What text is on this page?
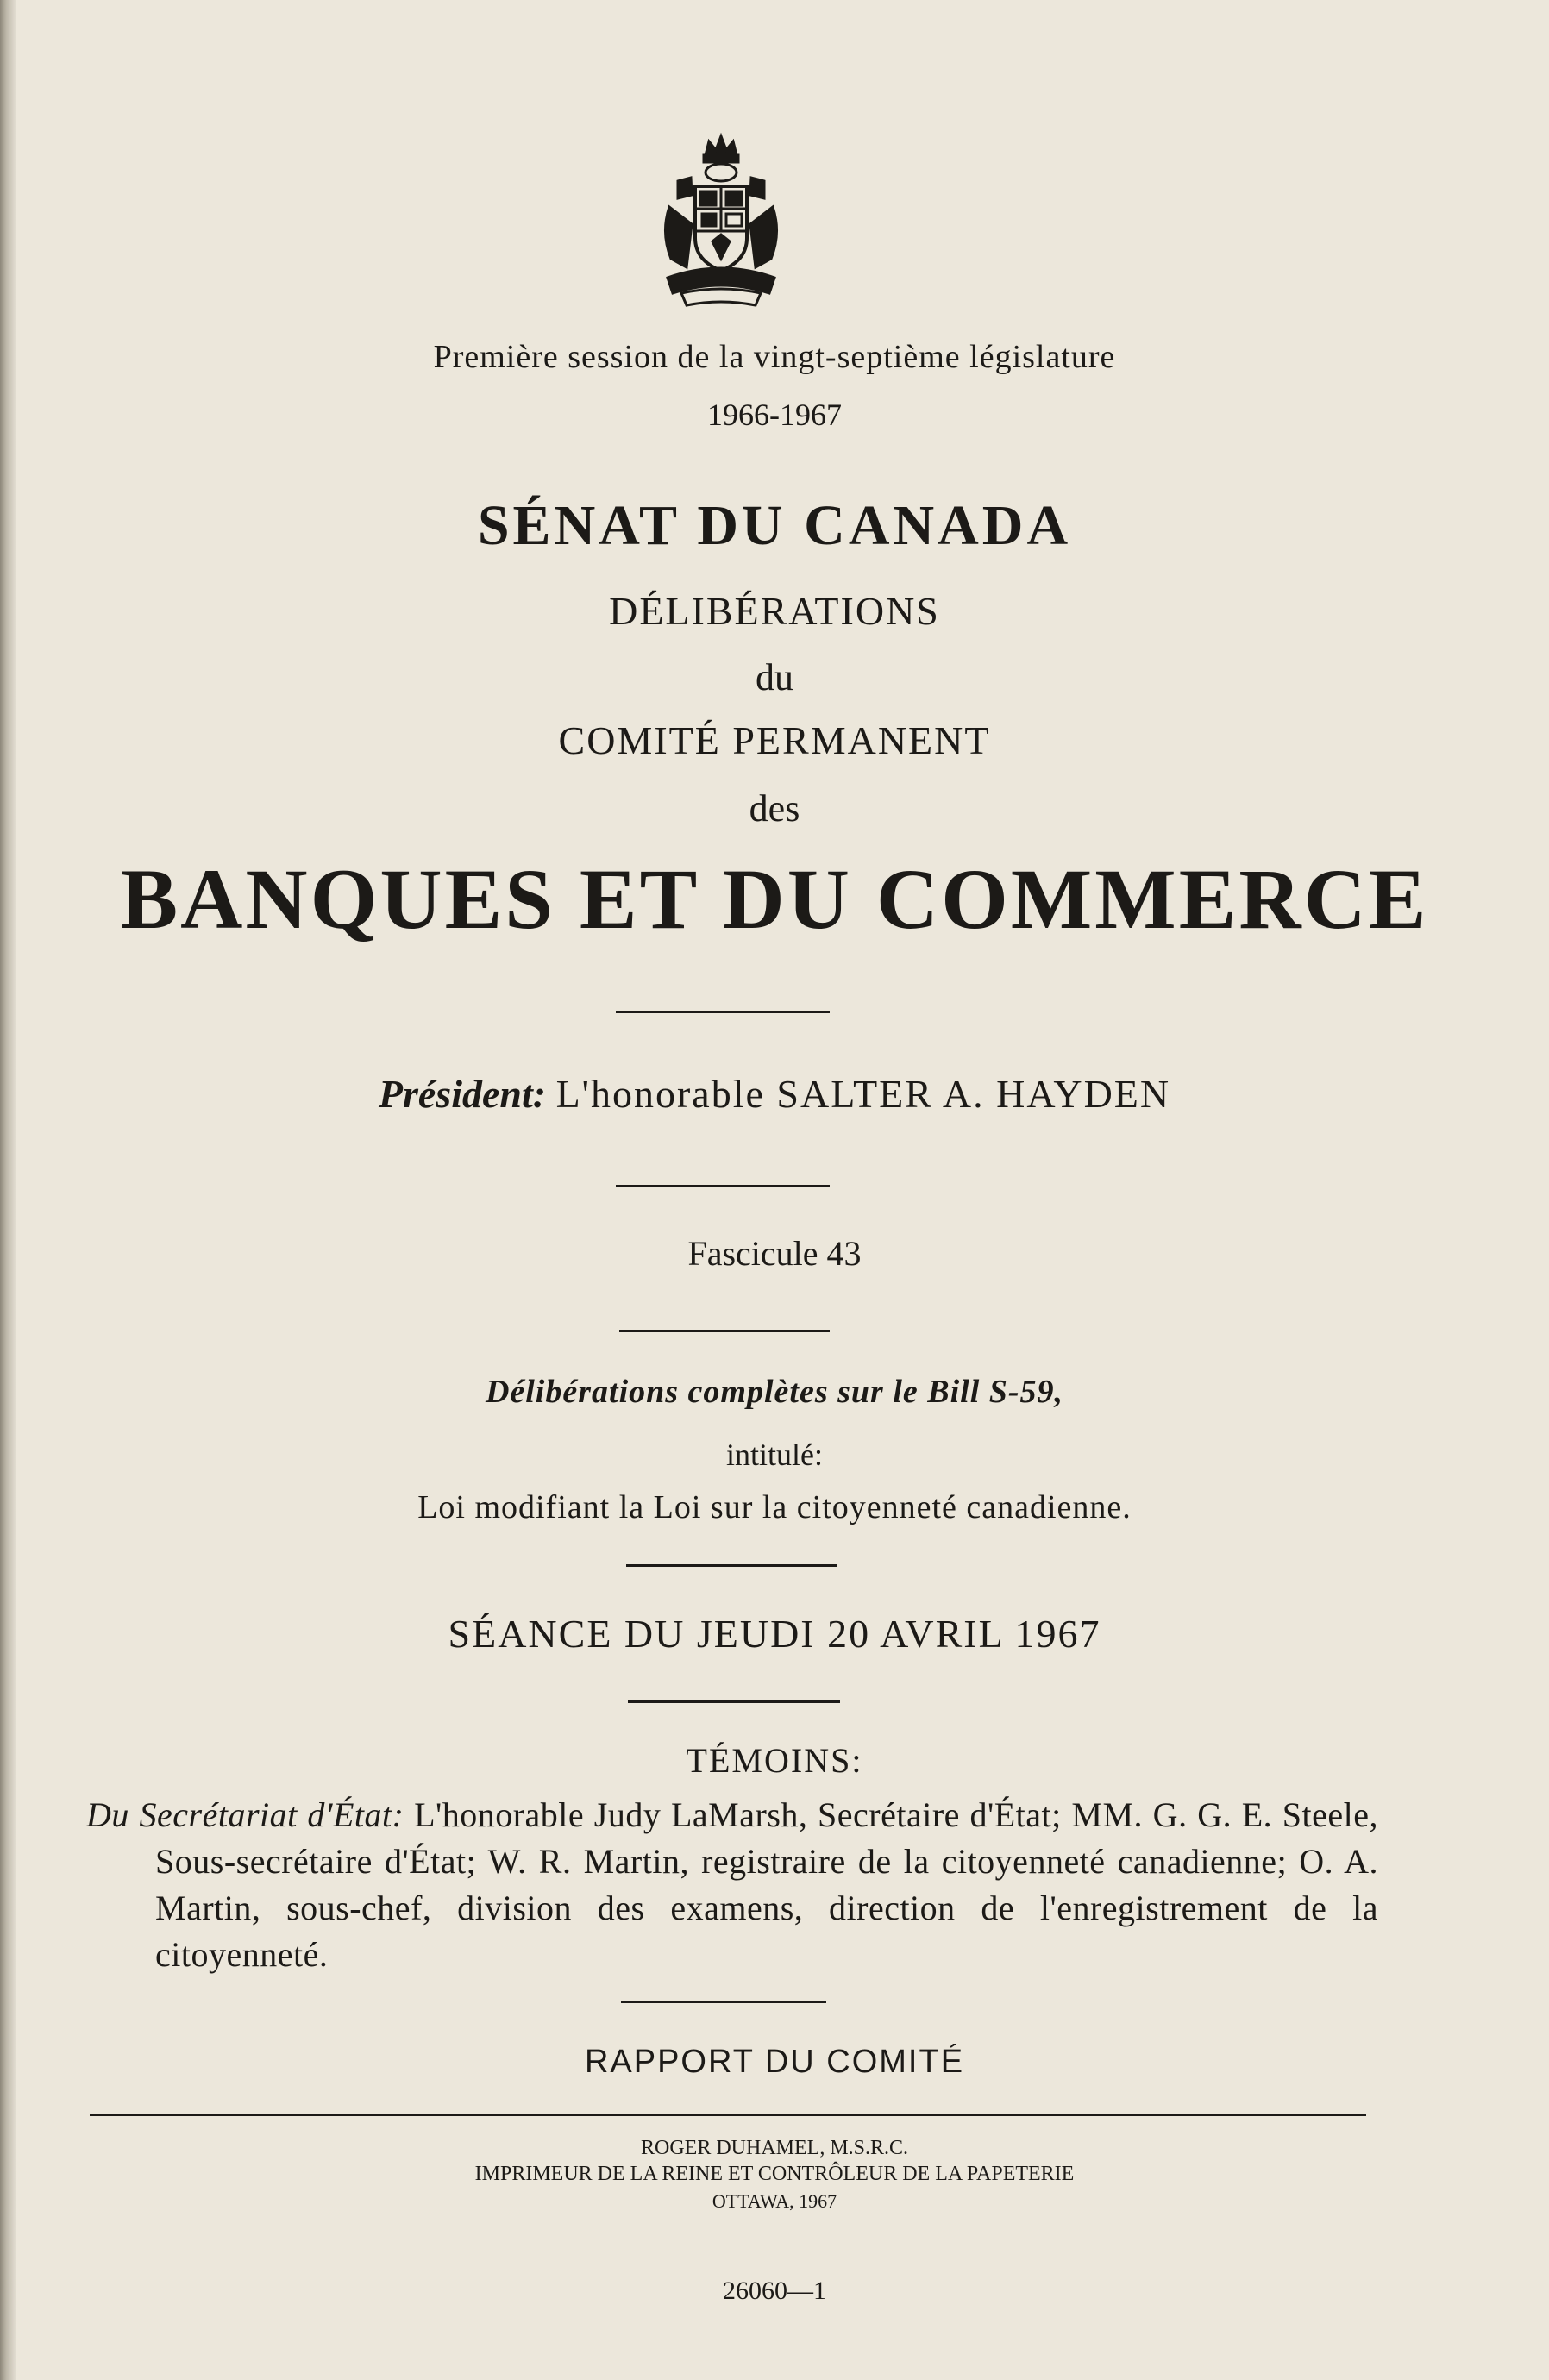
Première session de la vingt-septième législature
1966-1967
SÉNAT DU CANADA
DÉLIBÉRATIONS
du
COMITÉ PERMANENT
des
BANQUES ET DU COMMERCE
Président: L'honorable SALTER A. HAYDEN
Fascicule 43
Délibérations complètes sur le Bill S-59,
intitulé:
Loi modifiant la Loi sur la citoyenneté canadienne.
SÉANCE DU JEUDI 20 AVRIL 1967
TÉMOINS:
Du Secrétariat d'État: L'honorable Judy LaMarsh, Secrétaire d'État; MM. G. G. E. Steele, Sous-secrétaire d'État; W. R. Martin, registraire de la citoyenneté canadienne; O. A. Martin, sous-chef, division des examens, direction de l'enregistrement de la citoyenneté.
RAPPORT DU COMITÉ
ROGER DUHAMEL, M.S.R.C.
IMPRIMEUR DE LA REINE ET CONTRÔLEUR DE LA PAPETERIE
OTTAWA, 1967
26060—1
